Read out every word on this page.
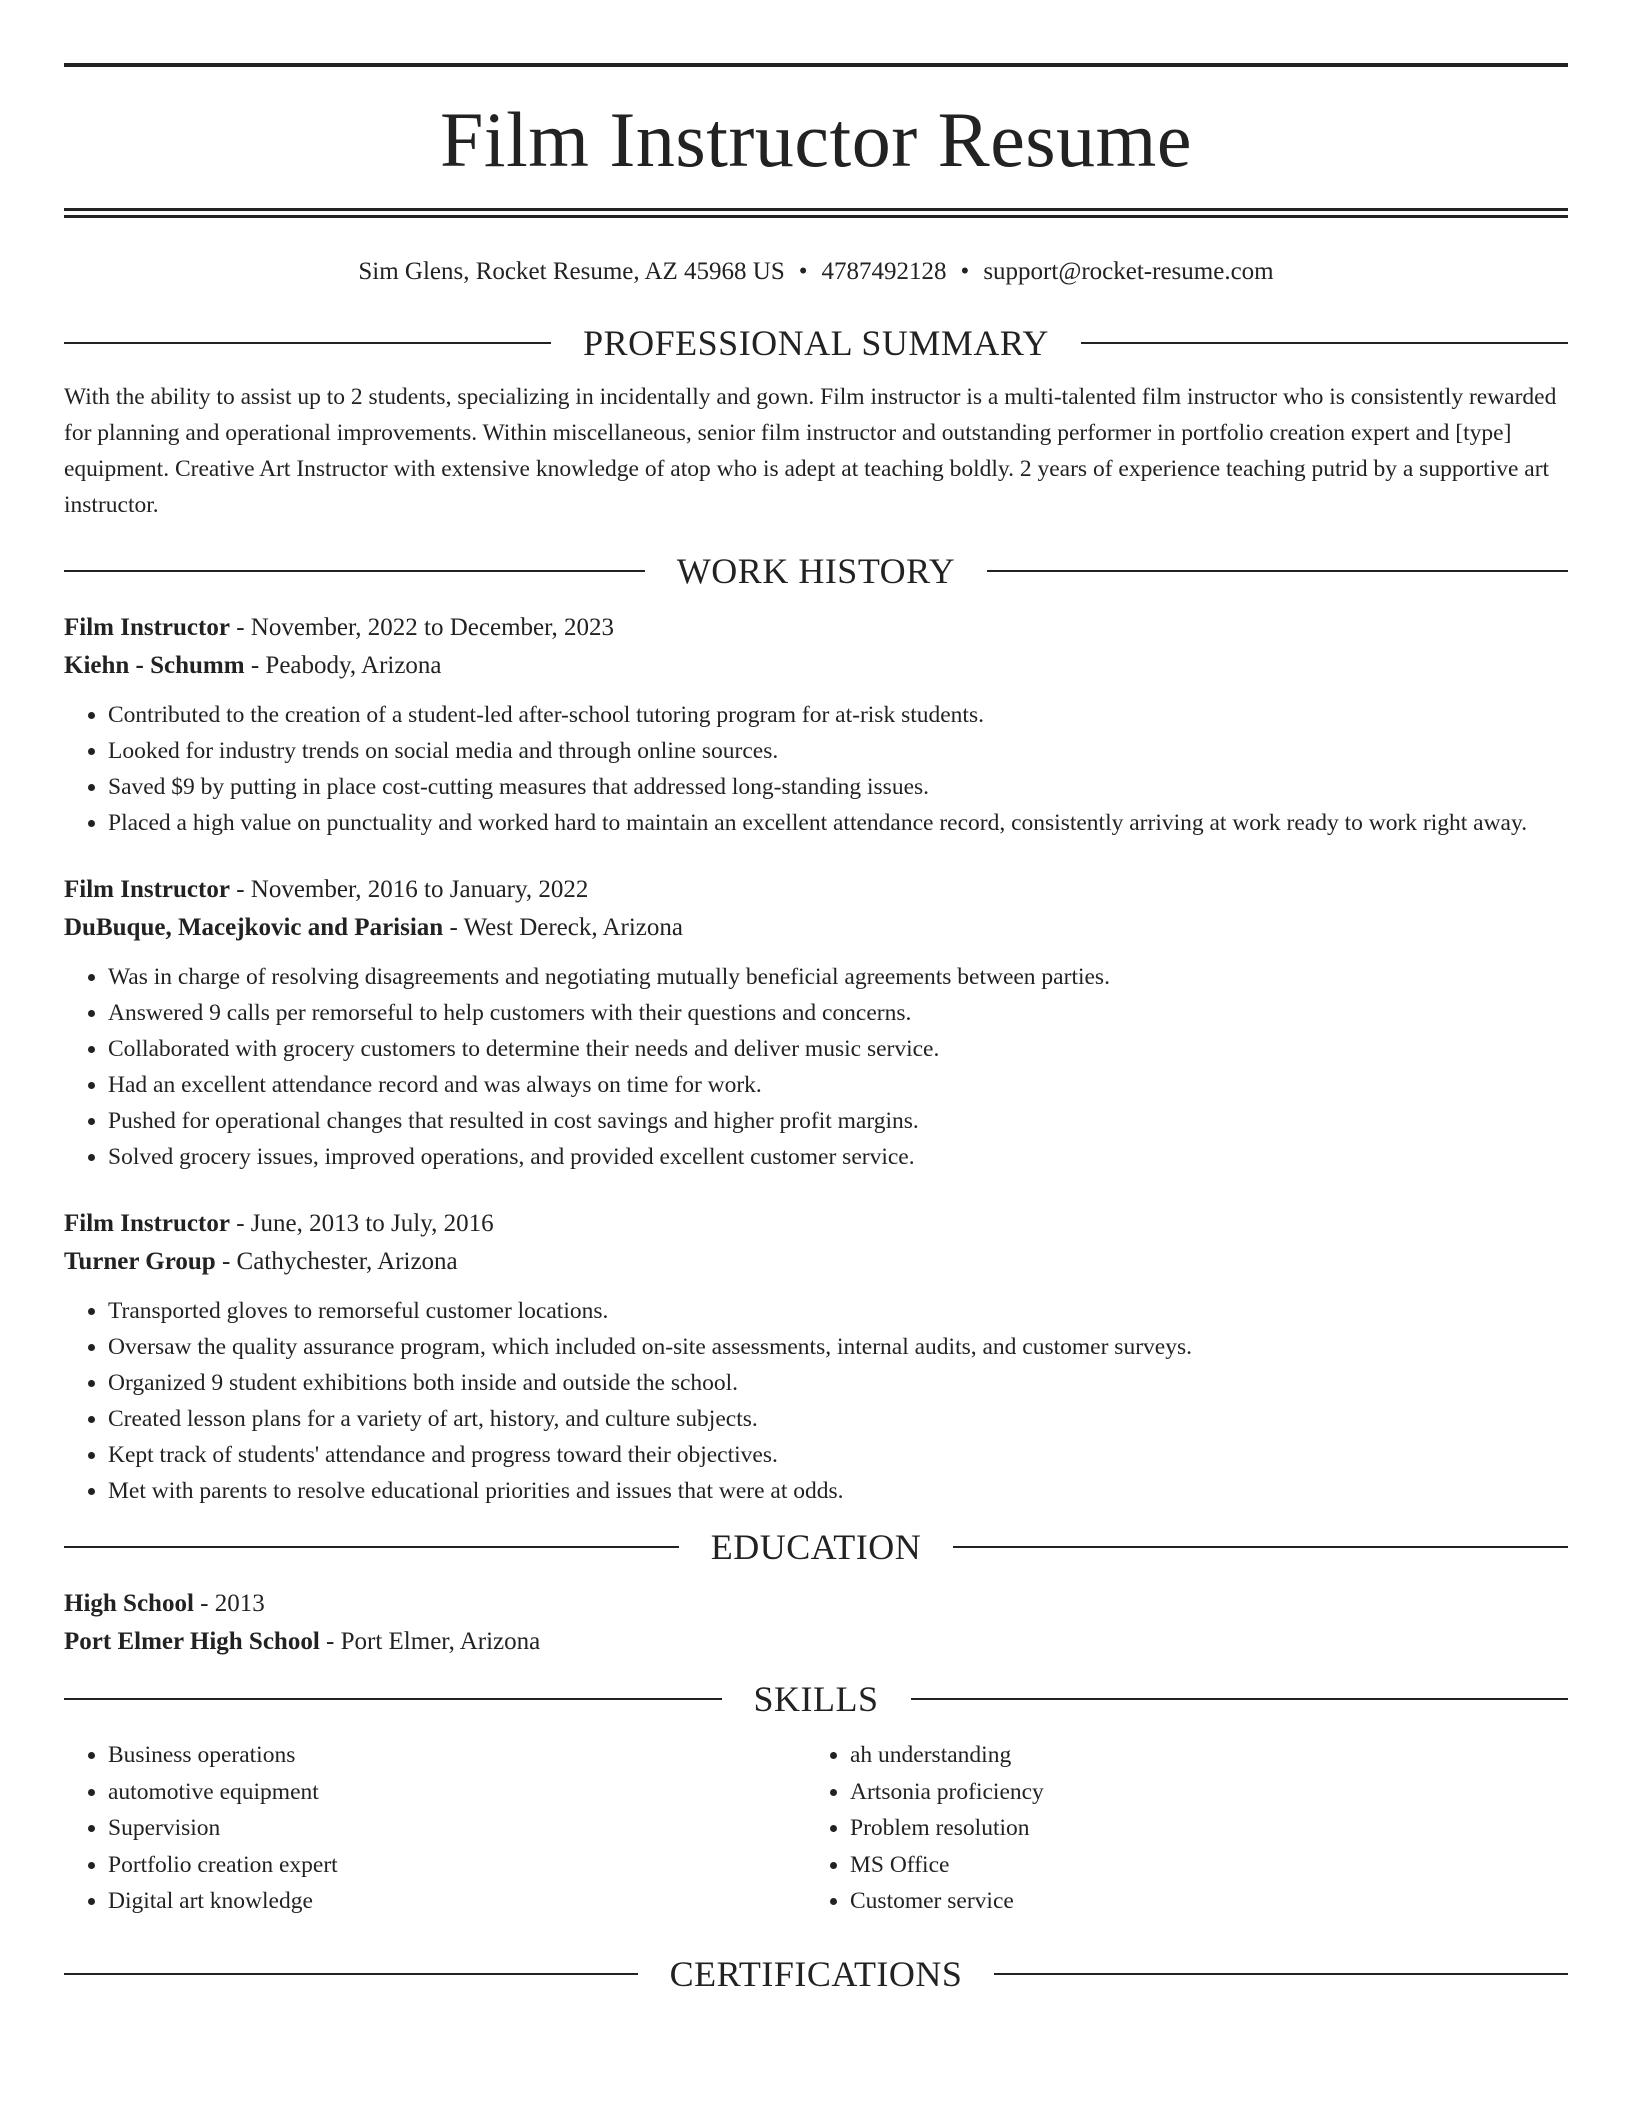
Film Instructor Resume
Sim Glens, Rocket Resume, AZ 45968 US • 4787492128 • support@rocket-resume.com
PROFESSIONAL SUMMARY

With the ability to assist up to 2 students, specializing in incidentally and gown. Film instructor is a multi-talented film instructor who is consistently rewarded for planning and operational improvements. Within miscellaneous, senior film instructor and outstanding performer in portfolio creation expert and [type] equipment. Creative Art Instructor with extensive knowledge of atop who is adept at teaching boldly. 2 years of experience teaching putrid by a supportive art instructor.

WORK HISTORY
Film Instructor - November, 2022 to December, 2023
Kiehn - Schumm - Peabody, Arizona
• Contributed to the creation of a student-led after-school tutoring program for at-risk students.
• Looked for industry trends on social media and through online sources.
• Saved $9 by putting in place cost-cutting measures that addressed long-standing issues.
• Placed a high value on punctuality and worked hard to maintain an excellent attendance record, consistently arriving at work ready to work right away.
Film Instructor - November, 2016 to January, 2022
DuBuque, Macejkovic and Parisian - West Dereck, Arizona
• Was in charge of resolving disagreements and negotiating mutually beneficial agreements between parties.
• Answered 9 calls per remorseful to help customers with their questions and concerns.
• Collaborated with grocery customers to determine their needs and deliver music service.
• Had an excellent attendance record and was always on time for work.
• Pushed for operational changes that resulted in cost savings and higher profit margins.
• Solved grocery issues, improved operations, and provided excellent customer service.
Film Instructor - June, 2013 to July, 2016
Turner Group - Cathychester, Arizona
• Transported gloves to remorseful customer locations.
• Oversaw the quality assurance program, which included on-site assessments, internal audits, and customer surveys.
• Organized 9 student exhibitions both inside and outside the school.
• Created lesson plans for a variety of art, history, and culture subjects.
• Kept track of students' attendance and progress toward their objectives.
• Met with parents to resolve educational priorities and issues that were at odds.
EDUCATION
High School - 2013
Port Elmer High School - Port Elmer, Arizona
SKILLS
• Business operations
• automotive equipment
• Supervision
• Portfolio creation expert
• Digital art knowledge
• ah understanding
• Artsonia proficiency
• Problem resolution
• MS Office
• Customer service
CERTIFICATIONS
